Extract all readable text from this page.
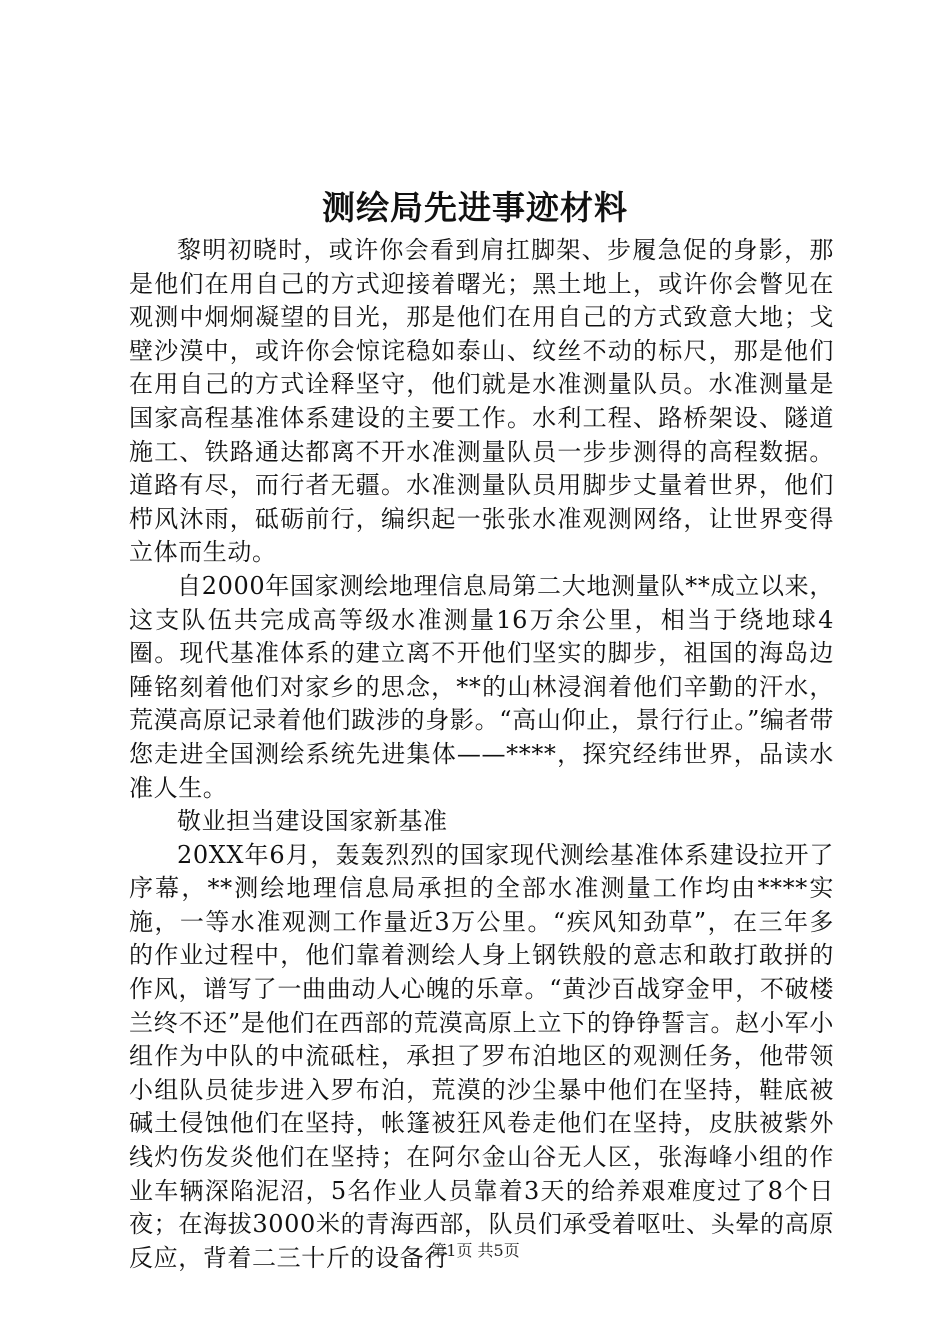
测绘局先进事迹材料

黎明初晓时，或许你会看到肩扛脚架、步履急促的身影，那是他们在用自己的方式迎接着曙光；黑土地上，或许你会瞥见在观测中炯炯凝望的目光，那是他们在用自己的方式致意大地；戈壁沙漠中，或许你会惊诧稳如泰山、纹丝不动的标尺，那是他们在用自己的方式诠释坚守，他们就是水准测量队员。水准测量是国家高程基准体系建设的主要工作。水利工程、路桥架设、隧道施工、铁路通达都离不开水准测量队员一步步测得的高程数据。道路有尽，而行者无疆。水准测量队员用脚步丈量着世界，他们栉风沐雨，砥砺前行，编织起一张张水准观测网络，让世界变得立体而生动。

自2000年国家测绘地理信息局第二大地测量队**成立以来，这支队伍共完成高等级水准测量16万余公里，相当于绕地球4圈。现代基准体系的建立离不开他们坚实的脚步，祖国的海岛边陲铭刻着他们对家乡的思念，**的山林浸润着他们辛勤的汗水，荒漠高原记录着他们跋涉的身影。“高山仰止，景行行止。”编者带您走进全国测绘系统先进集体——****，探究经纬世界，品读水准人生。

敬业担当建设国家新基准

20XX年6月，轰轰烈烈的国家现代测绘基准体系建设拉开了序幕，**测绘地理信息局承担的全部水准测量工作均由****实施，一等水准观测工作量近3万公里。“疾风知劲草”，在三年多的作业过程中，他们靠着测绘人身上钢铁般的意志和敢打敢拼的作风，谱写了一曲曲动人心魄的乐章。“黄沙百战穿金甲，不破楼兰终不还”是他们在西部的荒漠高原上立下的铮铮誓言。赵小军小组作为中队的中流砥柱，承担了罗布泊地区的观测任务，他带领小组队员徒步进入罗布泊，荒漠的沙尘暴中他们在坚持，鞋底被碱土侵蚀他们在坚持，帐篷被狂风卷走他们在坚持，皮肤被紫外线灼伤发炎他们在坚持；在阿尔金山谷无人区，张海峰小组的作业车辆深陷泥沼，5名作业人员靠着3天的给养艰难度过了8个日夜；在海拔3000米的青海西部，队员们承受着呕吐、头晕的高原反应，背着二三十斤的设备行

第1页 共5页
